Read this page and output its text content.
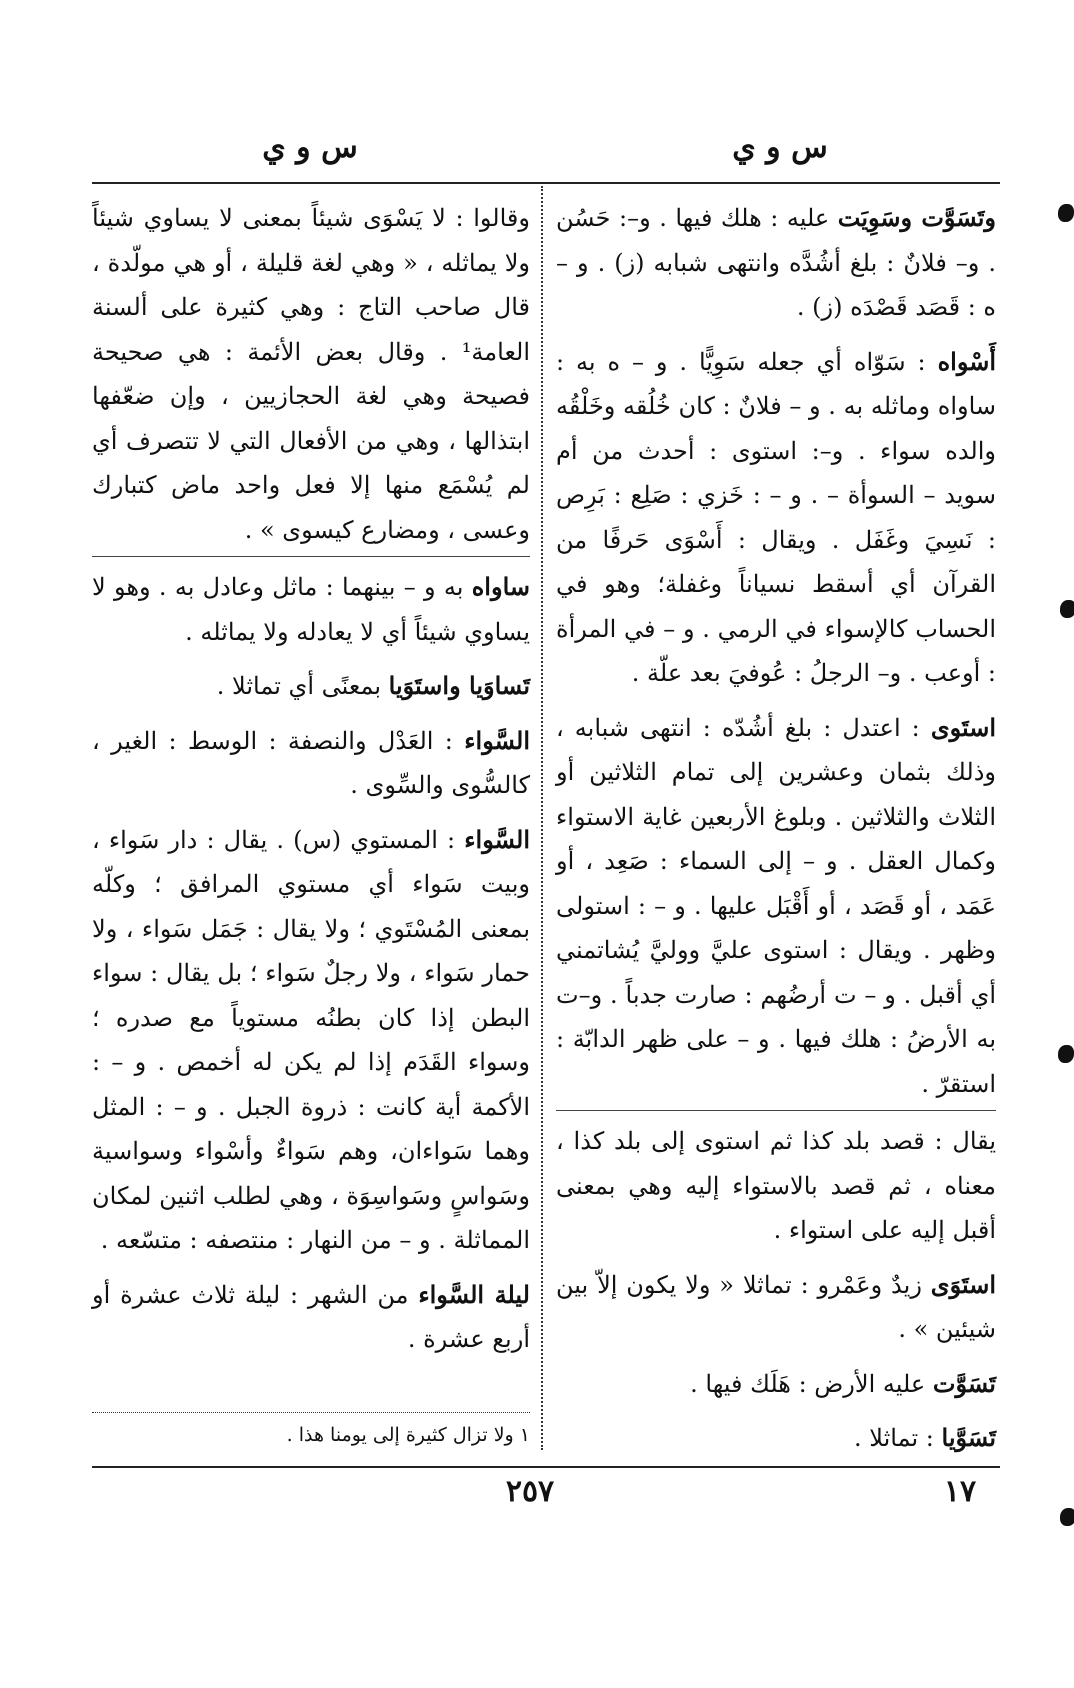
س و ي
س و ي
وتَسَوَّت وسَوِيَت عليه : هلك فيها . و–: حَسُن . و– فلانٌ : بلغ أشُدَّه وانتهى شبابه (ز) . و – ه : قَصَد قَصْدَه (ز) .
أَسْواه : سَوّاه أي جعله سَوِيًّا . و – ه به : ساواه وماثله به . و – فلانٌ : كان خُلُقه وخَلْقُه والده سواء . و–: استوى : أحدث من أم سويد – السوأة – . و – : خَزي : صَلِع : بَرِص : نَسِيَ وغَفَل . ويقال : أَسْوَى حَرفًا من القرآن أي أسقط نسياناً وغفلة؛ وهو في الحساب كالإسواء في الرمي . و – في المرأة : أوعب . و– الرجلُ : عُوفيَ بعد علّة .
استَوى : اعتدل : بلغ أشُدّه : انتهى شبابه ، وذلك بثمان وعشرين إلى تمام الثلاثين أو الثلاث والثلاثين . وبلوغ الأربعين غاية الاستواء وكمال العقل . و – إلى السماء : صَعِد ، أو عَمَد ، أو قَصَد ، أو أَقْبَل عليها . و – : استولى وظهر . ويقال : استوى عليَّ ووليَّ يُشاتمني أي أقبل . و – ت أرضُهم : صارت جدباً . و–ت به الأرضُ : هلك فيها . و – على ظهر الدابّة : استقرّ .
يقال : قصد بلد كذا ثم استوى إلى بلد كذا ، معناه ، ثم قصد بالاستواء إليه وهي بمعنى أقبل إليه على استواء .
استَوَى زيدٌ وعَمْرو : تماثلا « ولا يكون إلاّ بين شيئين » .
تَسَوَّت عليه الأرض : هَلَك فيها .
تَسَوَّيا : تماثلا .
وقالوا : لا يَسْوَى شيئاً بمعنى لا يساوي شيئاً ولا يماثله ، « وهي لغة قليلة ، أو هي مولّدة ، قال صاحب التاج : وهي كثيرة على ألسنة العامة¹ . وقال بعض الأئمة : هي صحيحة فصيحة وهي لغة الحجازيين ، وإن ضعّفها ابتذالها ، وهي من الأفعال التي لا تتصرف أي لم يُسْمَع منها إلا فعل واحد ماض كتبارك وعسى ، ومضارع كيسوى » .
ساواه به و – بينهما : ماثل وعادل به . وهو لا يساوي شيئاً أي لا يعادله ولا يماثله .
تَساوَيا واستَوَيا بمعنًى أي تماثلا .
السَّواء : العَدْل والنصفة : الوسط : الغير ، كالسُّوى والسِّوى .
السَّواء : المستوي (س) . يقال : دار سَواء ، وبيت سَواء أي مستوي المرافق ؛ وكلّه بمعنى المُسْتَوي ؛ ولا يقال : جَمَل سَواء ، ولا حمار سَواء ، ولا رجلٌ سَواء ؛ بل يقال : سواء البطن إذا كان بطنُه مستوياً مع صدره ؛ وسواء القَدَم إذا لم يكن له أخمص . و – : الأكمة أية كانت : ذروة الجبل . و – : المثل وهما سَواءان، وهم سَواءٌ وأسْواء وسواسية وسَواسٍ وسَواسِوَة ، وهي لطلب اثنين لمكان المماثلة . و – من النهار : منتصفه : متسّعه .
ليلة السَّواء من الشهر : ليلة ثلاث عشرة أو أربع عشرة .
١ ولا تزال كثيرة إلى يومنا هذا .
١٧
٢٥٧
